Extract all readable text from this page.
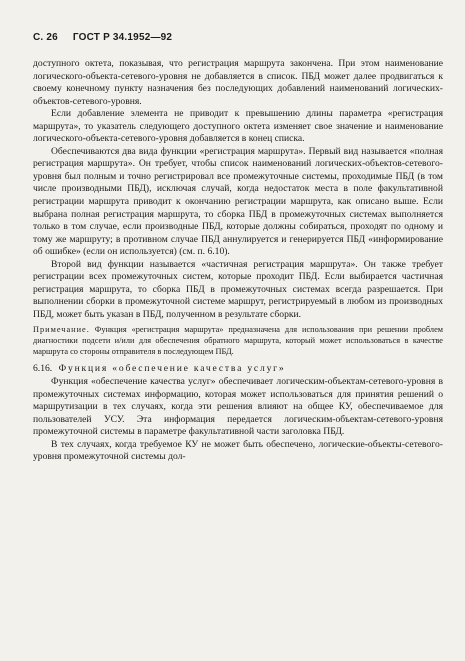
С. 26 ГОСТ Р 34.1952—92

доступного октета, показывая, что регистрация маршрута закончена. При этом наименование логического-объекта-сетевого-уровня не добавляется в список. ПБД может далее продвигаться к своему конечному пункту назначения без последующих добавлений наименований логических-объектов-сетевого-уровня.

Если добавление элемента не приводит к превышению длины параметра «регистрация маршрута», то указатель следующего доступного октета изменяет свое значение и наименование логического-объекта-сетевого-уровня добавляется в конец списка.

Обеспечиваются два вида функции «регистрация маршрута». Первый вид называется «полная регистрация маршрута». Он требует, чтобы список наименований логических-объектов-сетевого-уровня был полным и точно регистрировал все промежуточные системы, проходимые ПБД (в том числе производными ПБД), исключая случай, когда недостаток места в поле факультативной регистрации маршрута приводит к окончанию регистрации маршрута, как описано выше. Если выбрана полная регистрация маршрута, то сборка ПБД в промежуточных системах выполняется только в том случае, если производные ПБД, которые должны собираться, проходят по одному и тому же маршруту; в противном случае ПБД аннулируется и генерируется ПБД «информирование об ошибке» (если он используется) (см. п. 6.10).

Второй вид функции называется «частичная регистрация маршрута». Он также требует регистрации всех промежуточных систем, которые проходит ПБД. Если выбирается частичная регистрация маршрута, то сборка ПБД в промежуточных системах всегда разрешается. При выполнении сборки в промежуточной системе маршрут, регистрируемый в любом из производных ПБД, может быть указан в ПБД, полученном в результате сборки.

Примечание. Функция «регистрация маршрута» предназначена для использования при решении проблем диагностики подсети и/или для обеспечения обратного маршрута, который может использоваться в качестве маршрута со стороны отправителя в последующем ПБД.

6.16. Функция «обеспечение качества услуг»

Функция «обеспечение качества услуг» обеспечивает логическим-объектам-сетевого-уровня в промежуточных системах информацию, которая может использоваться для принятия решений о маршрутизации в тех случаях, когда эти решения влияют на общее КУ, обеспечиваемое для пользователей УСУ. Эта информация передается логическим-объектам-сетевого-уровня промежуточной системы в параметре факультативной части заголовка ПБД.

В тех случаях, когда требуемое КУ не может быть обеспечено, логические-объекты-сетевого-уровня промежуточной системы дол-
